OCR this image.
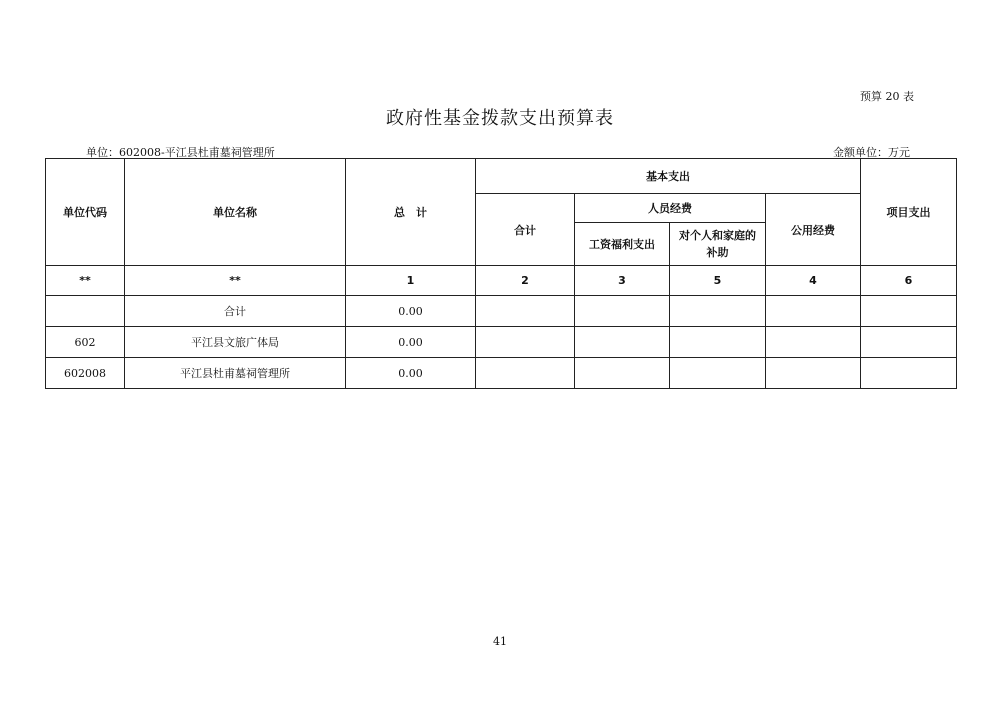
预算 20 表
政府性基金拨款支出预算表
单位：602008-平江县杜甫墓祠管理所	金额单位：万元
单位代码	单位名称	总　计	基本支出				项目支出
			合计	人员经费		公用经费	
				工资福利支出	对个人和家庭的
补助		

**	**	1	2	3	5	4	6
	合计	0.00					
602	平江县文旅广体局	0.00					
602008	平江县杜甫墓祠管理所	0.00					
41
